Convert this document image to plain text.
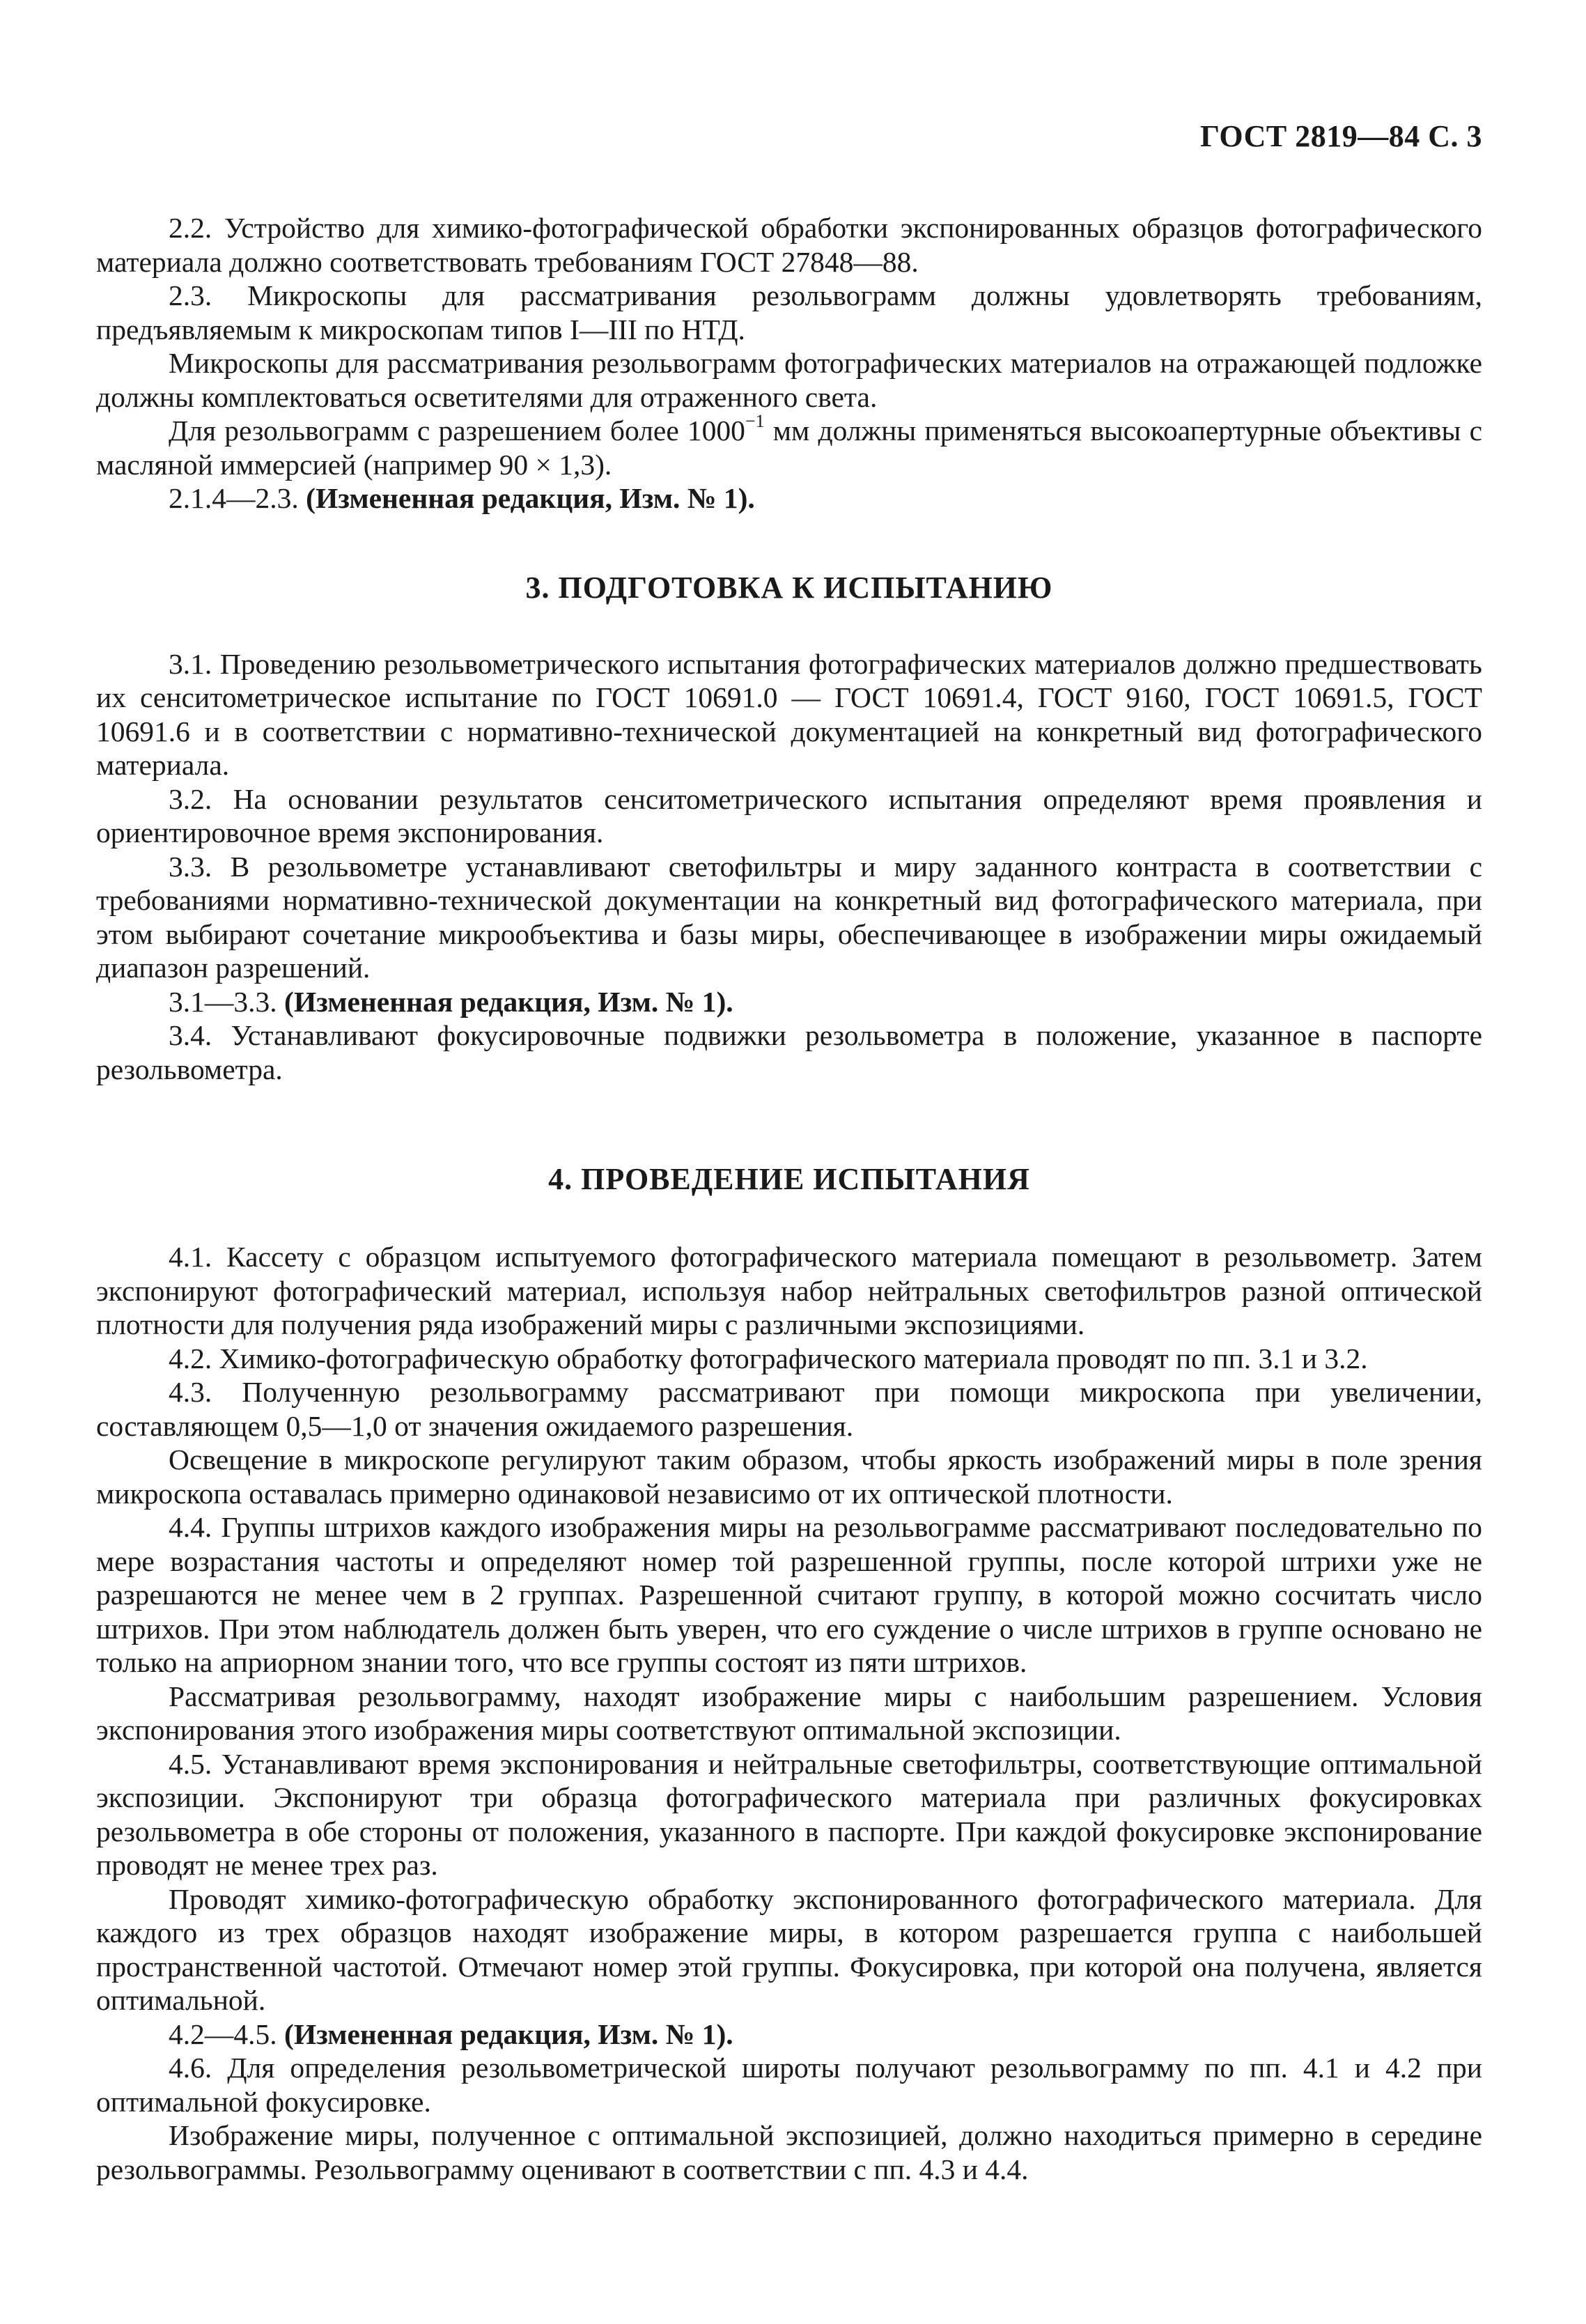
ГОСТ 2819—84 С. 3

2.2. Устройство для химико-фотографической обработки экспонированных образцов фотографического материала должно соответствовать требованиям ГОСТ 27848—88.

2.3. Микроскопы для рассматривания резольвограмм должны удовлетворять требованиям, предъявляемым к микроскопам типов I—III по НТД.

Микроскопы для рассматривания резольвограмм фотографических материалов на отражающей подложке должны комплектоваться осветителями для отраженного света.

Для резольвограмм с разрешением более $1000^{-1}$ мм должны применяться высокоапертурные объективы с масляной иммерсией (например 90 × 1,3).

2.1.4—2.3. (Измененная редакция, Изм. № 1).

3. ПОДГОТОВКА К ИСПЫТАНИЮ

3.1. Проведению резольвометрического испытания фотографических материалов должно предшествовать их сенситометрическое испытание по ГОСТ 10691.0 — ГОСТ 10691.4, ГОСТ 9160, ГОСТ 10691.5, ГОСТ 10691.6 и в соответствии с нормативно-технической документацией на конкретный вид фотографического материала.

3.2. На основании результатов сенситометрического испытания определяют время проявления и ориентировочное время экспонирования.

3.3. В резольвометре устанавливают светофильтры и миру заданного контраста в соответствии с требованиями нормативно-технической документации на конкретный вид фотографического материала, при этом выбирают сочетание микрообъектива и базы миры, обеспечивающее в изображении миры ожидаемый диапазон разрешений.

3.1—3.3. (Измененная редакция, Изм. № 1).

3.4. Устанавливают фокусировочные подвижки резольвометра в положение, указанное в паспорте резольвометра.

4. ПРОВЕДЕНИЕ ИСПЫТАНИЯ

4.1. Кассету с образцом испытуемого фотографического материала помещают в резольвометр. Затем экспонируют фотографический материал, используя набор нейтральных светофильтров разной оптической плотности для получения ряда изображений миры с различными экспозициями.

4.2. Химико-фотографическую обработку фотографического материала проводят по пп. 3.1 и 3.2.

4.3. Полученную резольвограмму рассматривают при помощи микроскопа при увеличении, составляющем 0,5—1,0 от значения ожидаемого разрешения.

Освещение в микроскопе регулируют таким образом, чтобы яркость изображений миры в поле зрения микроскопа оставалась примерно одинаковой независимо от их оптической плотности.

4.4. Группы штрихов каждого изображения миры на резольвограмме рассматривают последовательно по мере возрастания частоты и определяют номер той разрешенной группы, после которой штрихи уже не разрешаются не менее чем в 2 группах. Разрешенной считают группу, в которой можно сосчитать число штрихов. При этом наблюдатель должен быть уверен, что его суждение о числе штрихов в группе основано не только на априорном знании того, что все группы состоят из пяти штрихов.

Рассматривая резольвограмму, находят изображение миры с наибольшим разрешением. Условия экспонирования этого изображения миры соответствуют оптимальной экспозиции.

4.5. Устанавливают время экспонирования и нейтральные светофильтры, соответствующие оптимальной экспозиции. Экспонируют три образца фотографического материала при различных фокусировках резольвометра в обе стороны от положения, указанного в паспорте. При каждой фокусировке экспонирование проводят не менее трех раз.

Проводят химико-фотографическую обработку экспонированного фотографического материала. Для каждого из трех образцов находят изображение миры, в котором разрешается группа с наибольшей пространственной частотой. Отмечают номер этой группы. Фокусировка, при которой она получена, является оптимальной.

4.2—4.5. (Измененная редакция, Изм. № 1).

4.6. Для определения резольвометрической широты получают резольвограмму по пп. 4.1 и 4.2 при оптимальной фокусировке.

Изображение миры, полученное с оптимальной экспозицией, должно находиться примерно в середине резольвограммы. Резольвограмму оценивают в соответствии с пп. 4.3 и 4.4.
